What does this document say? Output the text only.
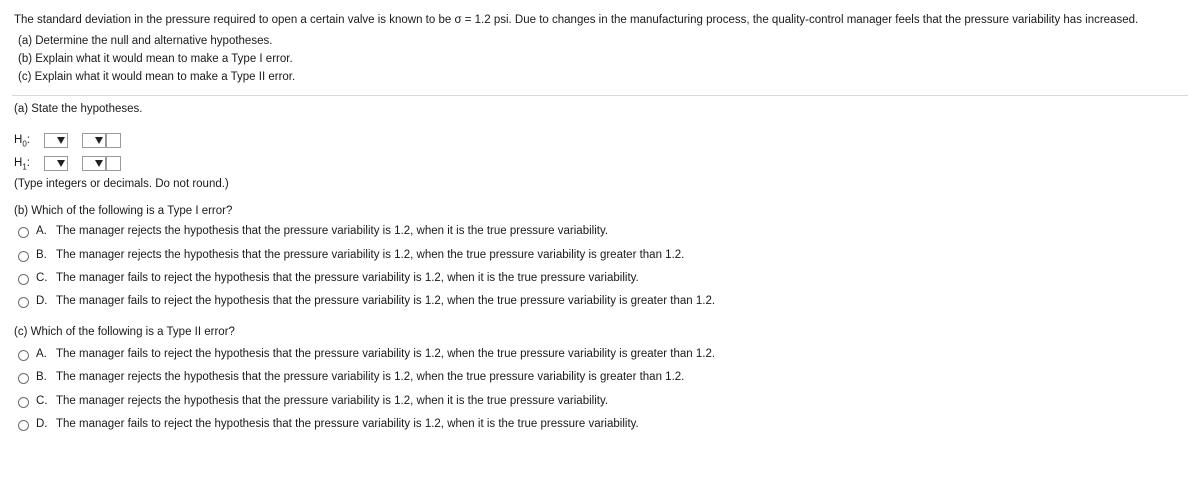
The standard deviation in the pressure required to open a certain valve is known to be σ = 1.2 psi. Due to changes in the manufacturing process, the quality-control manager feels that the pressure variability has increased.
(a) Determine the null and alternative hypotheses.
(b) Explain what it would mean to make a Type I error.
(c) Explain what it would mean to make a Type II error.
(a) State the hypotheses.
$H_0$:
$H_1$:
(Type integers or decimals. Do not round.)
(b) Which of the following is a Type I error?
A. The manager rejects the hypothesis that the pressure variability is 1.2, when it is the true pressure variability.
B. The manager rejects the hypothesis that the pressure variability is 1.2, when the true pressure variability is greater than 1.2.
C. The manager fails to reject the hypothesis that the pressure variability is 1.2, when it is the true pressure variability.
D. The manager fails to reject the hypothesis that the pressure variability is 1.2, when the true pressure variability is greater than 1.2.
(c) Which of the following is a Type II error?
A. The manager fails to reject the hypothesis that the pressure variability is 1.2, when the true pressure variability is greater than 1.2.
B. The manager rejects the hypothesis that the pressure variability is 1.2, when the true pressure variability is greater than 1.2.
C. The manager rejects the hypothesis that the pressure variability is 1.2, when it is the true pressure variability.
D. The manager fails to reject the hypothesis that the pressure variability is 1.2, when it is the true pressure variability.
